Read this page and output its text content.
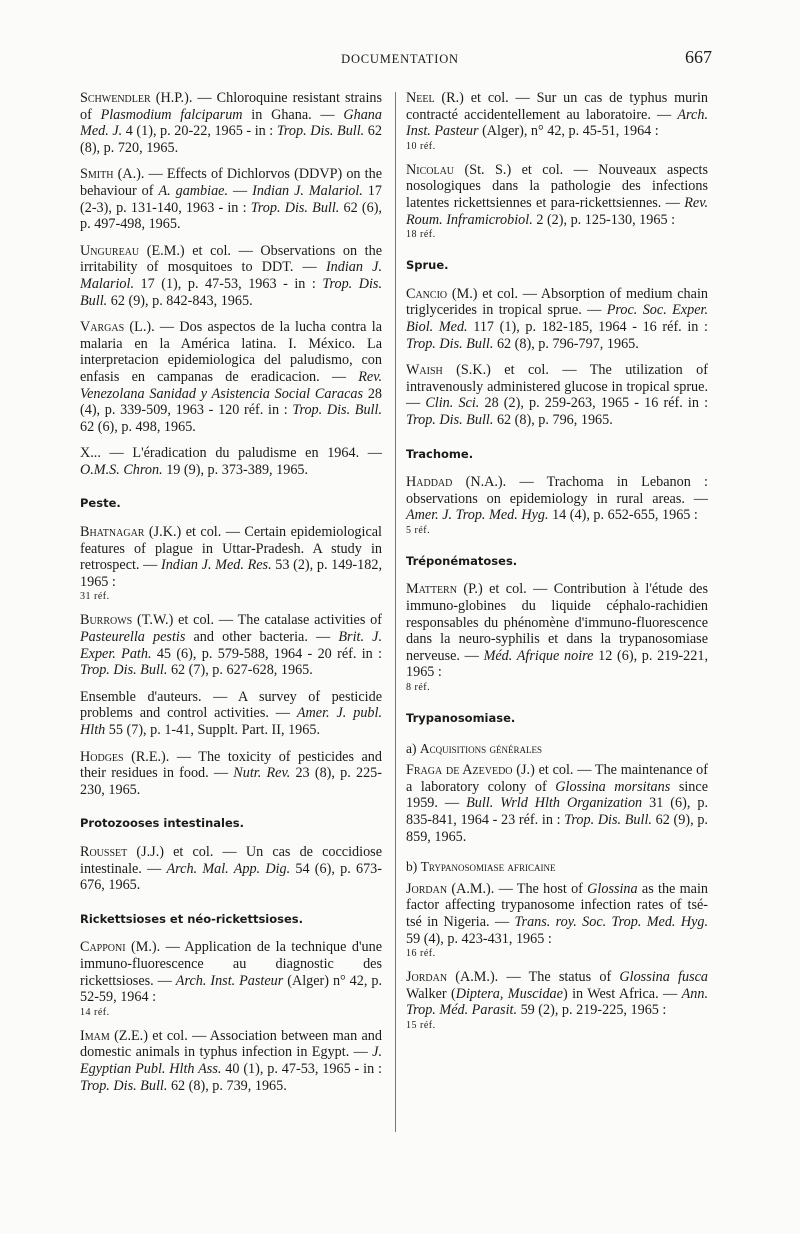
DOCUMENTATION	667
Schwendler (H.P.). — Chloroquine resistant strains of Plasmodium falciparum in Ghana. — Ghana Med. J. 4 (1), p. 20-22, 1965 - in : Trop. Dis. Bull. 62 (8), p. 720, 1965.
Smith (A.). — Effects of Dichlorvos (DDVP) on the behaviour of A. gambiae. — Indian J. Malariol. 17 (2-3), p. 131-140, 1963 - in : Trop. Dis. Bull. 62 (6), p. 497-498, 1965.
Ungureau (E.M.) et col. — Observations on the irritability of mosquitoes to DDT. — Indian J. Malariol. 17 (1), p. 47-53, 1963 - in : Trop. Dis. Bull. 62 (9), p. 842-843, 1965.
Vargas (L.). — Dos aspectos de la lucha contra la malaria en la América latina. I. México. La interpretacion epidemiologica del paludismo, con enfasis en campanas de eradicacion. — Rev. Venezolana Sanidad y Asistencia Social Caracas 28 (4), p. 339-509, 1963 - 120 réf. in : Trop. Dis. Bull. 62 (6), p. 498, 1965.
X... — L'éradication du paludisme en 1964. — O.M.S. Chron. 19 (9), p. 373-389, 1965.
Peste.
Bhatnagar (J.K.) et col. — Certain epidemiological features of plague in Uttar-Pradesh. A study in retrospect. — Indian J. Med. Res. 53 (2), p. 149-182, 1965 :
31 réf.
Burrows (T.W.) et col. — The catalase activities of Pasteurella pestis and other bacteria. — Brit. J. Exper. Path. 45 (6), p. 579-588, 1964 - 20 réf. in : Trop. Dis. Bull. 62 (7), p. 627-628, 1965.
Ensemble d'auteurs. — A survey of pesticide problems and control activities. — Amer. J. publ. Hlth 55 (7), p. 1-41, Supplt. Part. II, 1965.
Hodges (R.E.). — The toxicity of pesticides and their residues in food. — Nutr. Rev. 23 (8), p. 225-230, 1965.
Protozooses intestinales.
Rousset (J.J.) et col. — Un cas de coccidiose intestinale. — Arch. Mal. App. Dig. 54 (6), p. 673-676, 1965.
Rickettsioses et néo-rickettsioses.
Capponi (M.). — Application de la technique d'une immuno-fluorescence au diagnostic des rickettsioses. — Arch. Inst. Pasteur (Alger) n° 42, p. 52-59, 1964 :
14 réf.
Imam (Z.E.) et col. — Association between man and domestic animals in typhus infection in Egypt. — J. Egyptian Publ. Hlth Ass. 40 (1), p. 47-53, 1965 - in : Trop. Dis. Bull. 62 (8), p. 739, 1965.
Neel (R.) et col. — Sur un cas de typhus murin contracté accidentellement au laboratoire. — Arch. Inst. Pasteur (Alger), n° 42, p. 45-51, 1964 :
10 réf.
Nicolau (St. S.) et col. — Nouveaux aspects nosologiques dans la pathologie des infections latentes rickettsiennes et para-rickettsiennes. — Rev. Roum. Inframicrobiol. 2 (2), p. 125-130, 1965 :
18 réf.
Sprue.
Cancio (M.) et col. — Absorption of medium chain triglycerides in tropical sprue. — Proc. Soc. Exper. Biol. Med. 117 (1), p. 182-185, 1964 - 16 réf. in : Trop. Dis. Bull. 62 (8), p. 796-797, 1965.
Waish (S.K.) et col. — The utilization of intravenously administered glucose in tropical sprue. — Clin. Sci. 28 (2), p. 259-263, 1965 - 16 réf. in : Trop. Dis. Bull. 62 (8), p. 796, 1965.
Trachome.
Haddad (N.A.). — Trachoma in Lebanon : observations on epidemiology in rural areas. — Amer. J. Trop. Med. Hyg. 14 (4), p. 652-655, 1965 :
5 réf.
Tréponématoses.
Mattern (P.) et col. — Contribution à l'étude des immuno-globines du liquide céphalo-rachidien responsables du phénomène d'immuno-fluorescence dans la neuro-syphilis et dans la trypanosomiase nerveuse. — Méd. Afrique noire 12 (6), p. 219-221, 1965 :
8 réf.
Trypanosomiase.
a) Acquisitions générales
Fraga de Azevedo (J.) et col. — The maintenance of a laboratory colony of Glossina morsitans since 1959. — Bull. Wrld Hlth Organization 31 (6), p. 835-841, 1964 - 23 réf. in : Trop. Dis. Bull. 62 (9), p. 859, 1965.
b) Trypanosomiase africaine
Jordan (A.M.). — The host of Glossina as the main factor affecting trypanosome infection rates of tsé-tsé in Nigeria. — Trans. roy. Soc. Trop. Med. Hyg. 59 (4), p. 423-431, 1965 :
16 réf.
Jordan (A.M.). — The status of Glossina fusca Walker (Diptera, Muscidae) in West Africa. — Ann. Trop. Méd. Parasit. 59 (2), p. 219-225, 1965 :
15 réf.
